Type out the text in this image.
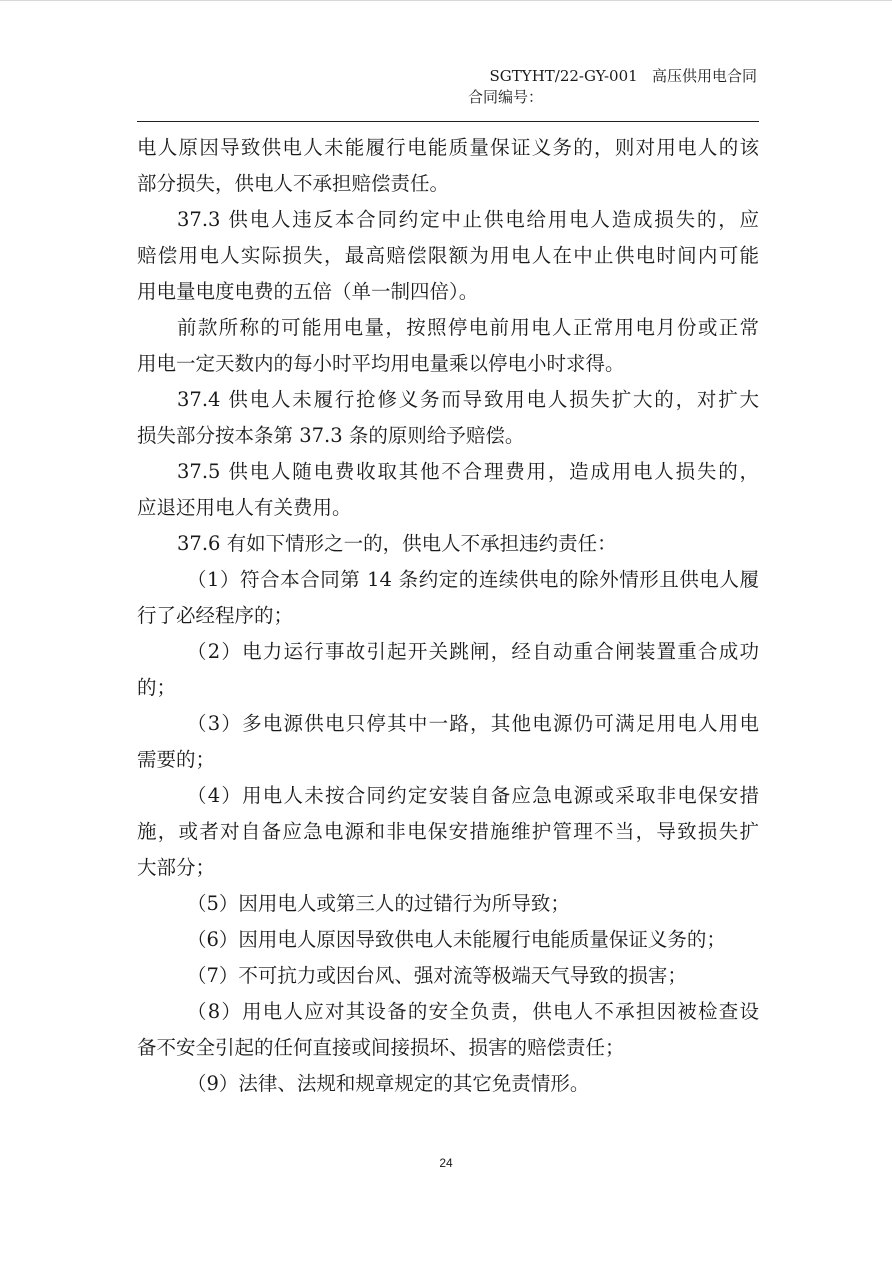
SGTYHT/22-GY-001 高压供用电合同
合同编号：
电人原因导致供电人未能履行电能质量保证义务的，则对用电人的该
部分损失，供电人不承担赔偿责任。
37.3 供电人违反本合同约定中止供电给用电人造成损失的，应
赔偿用电人实际损失，最高赔偿限额为用电人在中止供电时间内可能
用电量电度电费的五倍（单一制四倍）。
前款所称的可能用电量，按照停电前用电人正常用电月份或正常
用电一定天数内的每小时平均用电量乘以停电小时求得。
37.4 供电人未履行抢修义务而导致用电人损失扩大的，对扩大
损失部分按本条第 37.3 条的原则给予赔偿。
37.5 供电人随电费收取其他不合理费用，造成用电人损失的，
应退还用电人有关费用。
37.6 有如下情形之一的，供电人不承担违约责任：
（1）符合本合同第 14 条约定的连续供电的除外情形且供电人履
行了必经程序的；
（2）电力运行事故引起开关跳闸，经自动重合闸装置重合成功
的；
（3）多电源供电只停其中一路，其他电源仍可满足用电人用电
需要的；
（4）用电人未按合同约定安装自备应急电源或采取非电保安措
施，或者对自备应急电源和非电保安措施维护管理不当，导致损失扩
大部分；
（5）因用电人或第三人的过错行为所导致；
（6）因用电人原因导致供电人未能履行电能质量保证义务的；
（7）不可抗力或因台风、强对流等极端天气导致的损害；
（8）用电人应对其设备的安全负责，供电人不承担因被检查设
备不安全引起的任何直接或间接损坏、损害的赔偿责任；
（9）法律、法规和规章规定的其它免责情形。
24
